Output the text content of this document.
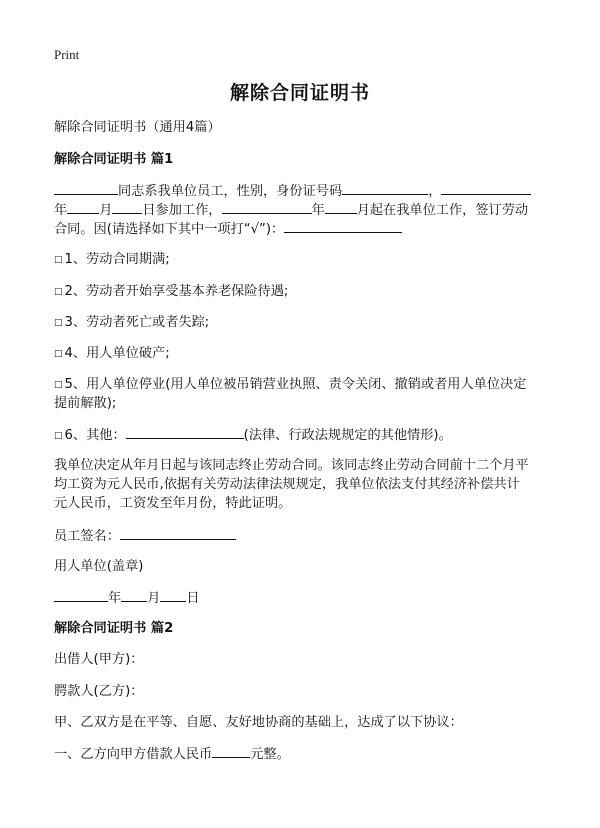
Print
解除合同证明书
解除合同证明书（通用4篇）
解除合同证明书 篇1
同志系我单位员工，性别，身份证号码	，
年 月 日参加工作，	年 月起在我单位工作，签订劳动
合同。因(请选择如下其中一项打“√”)：
□ 1、劳动合同期满;
□ 2、劳动者开始享受基本养老保险待遇;
□ 3、劳动者死亡或者失踪;
□ 4、用人单位破产;
□ 5、用人单位停业(用人单位被吊销营业执照、责令关闭、撤销或者用人单位决定
提前解散);
□ 6、其他：	(法律、行政法规规定的其他情形)。
我单位决定从年月日起与该同志终止劳动合同。该同志终止劳动合同前十二个月平
均工资为元人民币,依据有关劳动法律法规规定，我单位依法支付其经济补偿共计
元人民币，工资发至年月份，特此证明。
员工签名：
用人单位(盖章)
年 月 日
解除合同证明书 篇2
出借人(甲方)：
腭款人(乙方)：
甲、乙双方是在平等、自愿、友好地协商的基础上，达成了以下协议：
一、乙方向甲方借款人民币	元整。
